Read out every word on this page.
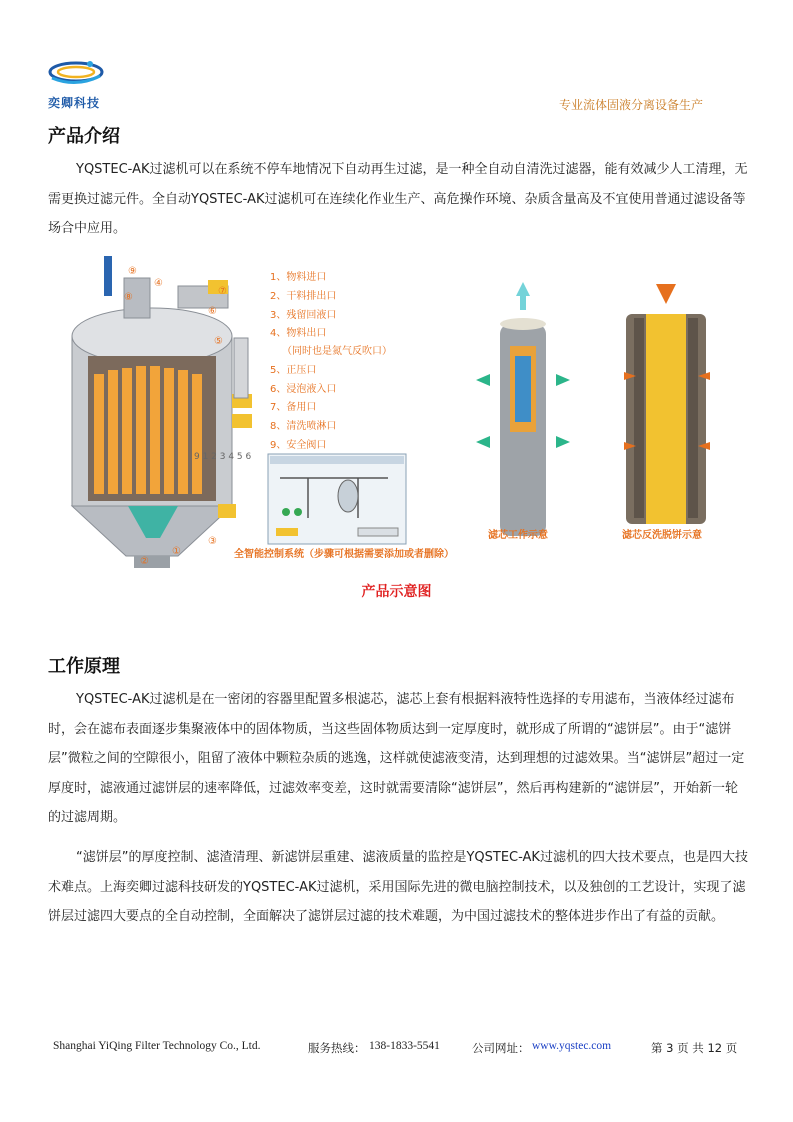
奕卿科技	专业流体固液分离设备生产
产品介绍

YQSTEC-AK过滤机可以在系统不停车地情况下自动再生过滤，是一种全自动自清洗过滤器，能有效减少人工清理，无需更换过滤元件。全自动YQSTEC-AK过滤机可在连续化作业生产、高危操作环境、杂质含量高及不宜使用普通过滤设备等场合中应用。

⑦
⑥
⑤
④
⑧
⑨
①
③
②
9 1 2 3 4 5 6
1、物料进口
2、干料排出口
3、残留回液口
4、物料出口
（同时也是氮气反吹口）
5、正压口
6、浸泡液入口
7、备用口
8、清洗喷淋口
9、安全阀口
全智能控制系统（步骤可根据需要添加或者删除）
滤芯工作示意	滤芯反洗脱饼示意
产品示意图
工作原理

YQSTEC-AK过滤机是在一密闭的容器里配置多根滤芯，滤芯上套有根据料液特性选择的专用滤布，当液体经过滤布时，会在滤布表面逐步集聚液体中的固体物质，当这些固体物质达到一定厚度时，就形成了所谓的“滤饼层”。由于“滤饼层”微粒之间的空隙很小，阻留了液体中颗粒杂质的逃逸，这样就使滤液变清，达到理想的过滤效果。当“滤饼层”超过一定厚度时，滤液通过滤饼层的速率降低，过滤效率变差，这时就需要清除“滤饼层”，然后再构建新的“滤饼层”，开始新一轮的过滤周期。

“滤饼层”的厚度控制、滤渣清理、新滤饼层重建、滤液质量的监控是YQSTEC-AK过滤机的四大技术要点，也是四大技术难点。上海奕卿过滤科技研发的YQSTEC-AK过滤机，采用国际先进的微电脑控制技术，以及独创的工艺设计，实现了滤饼层过滤四大要点的全自动控制，全面解决了滤饼层过滤的技术难题，为中国过滤技术的整体进步作出了有益的贡献。

Shanghai YiQing Filter Technology Co., Ltd.	服务热线： 138-1833-5541	公司网址： www.yqstec.com	第 3 页 共 12 页
